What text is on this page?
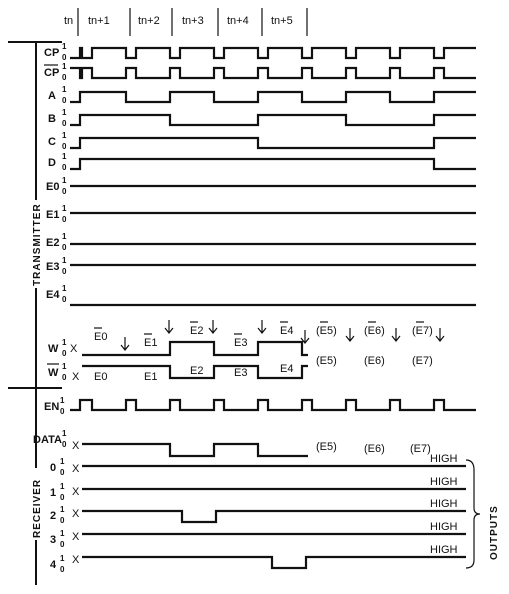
tn tn+1	tn+2 tn+3 tn+4 tn+5
TRANSMITTER
RECEIVER	OUTPUTS
CP
CP
A
B
C
D
E0
E1
E2
E3
E4
W
W
EN
DATA
0
1
2
3
4
1
0
1
0
1
0
1
0
1
0
1
0
1
0
1
0
1
0
1
0
1
0
1
0
1
0
1
0
1
0
1
0
1
0
1
0
1
0
1
0
X
X
X
X
X
X
X
X
E0	E1
E2
E3
E4 (E5) (E6) (E7)
E0	E1	E2	E3	E4
(E5) (E6) (E7)
(E5) (E6) (E7)
HIGH
HIGH
HIGH
HIGH
HIGH
